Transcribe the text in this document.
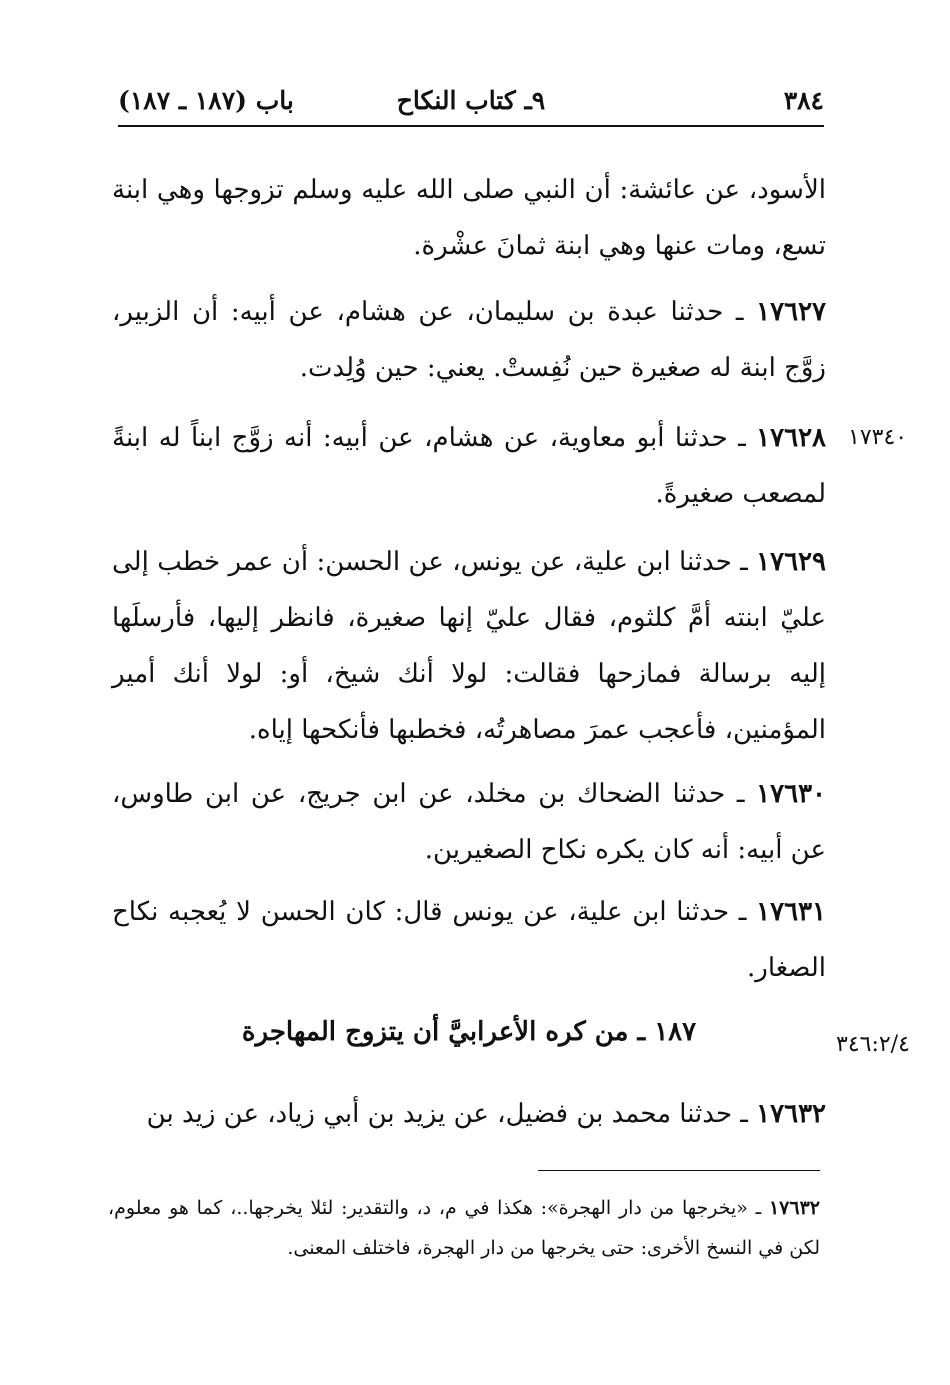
٣٨٤
٩ـ كتاب النكاح
باب (١٨٧ ـ ١٨٧)

الأسود، عن عائشة: أن النبي صلى الله عليه وسلم تزوجها وهي ابنة تسع، ومات عنها وهي ابنة ثمانَ عشْرة.

١٧٦٢٧ ـ حدثنا عبدة بن سليمان، عن هشام، عن أبيه: أن الزبير، زوَّج ابنة له صغيرة حين نُفِستْ. يعني: حين وُلِدت.

١٧٦٢٨ ـ حدثنا أبو معاوية، عن هشام، عن أبيه: أنه زوَّج ابناً له ابنةً لمصعب صغيرةً.

١٧٣٤٠

١٧٦٢٩ ـ حدثنا ابن علية، عن يونس، عن الحسن: أن عمر خطب إلى عليّ ابنته أمَّ كلثوم، فقال عليّ إنها صغيرة، فانظر إليها، فأرسلَها إليه برسالة فمازحها فقالت: لولا أنك شيخ، أو: لولا أنك أمير المؤمنين، فأعجب عمرَ مصاهرتُه، فخطبها فأنكحها إياه.

١٧٦٣٠ ـ حدثنا الضحاك بن مخلد، عن ابن جريج، عن ابن طاوس، عن أبيه: أنه كان يكره نكاح الصغيرين.

١٧٦٣١ ـ حدثنا ابن علية، عن يونس قال: كان الحسن لا يُعجبه نكاح الصغار.

١٨٧ ـ من كره الأعرابيَّ أن يتزوج المهاجرة	٣٤٦:٢/٤

١٧٦٣٢ ـ حدثنا محمد بن فضيل، عن يزيد بن أبي زياد، عن زيد بن

١٧٦٣٢ ـ «يخرجها من دار الهجرة»: هكذا في م، د، والتقدير: لئلا يخرجها..، كما هو معلوم، لكن في النسخ الأخرى: حتى يخرجها من دار الهجرة، فاختلف المعنى.
